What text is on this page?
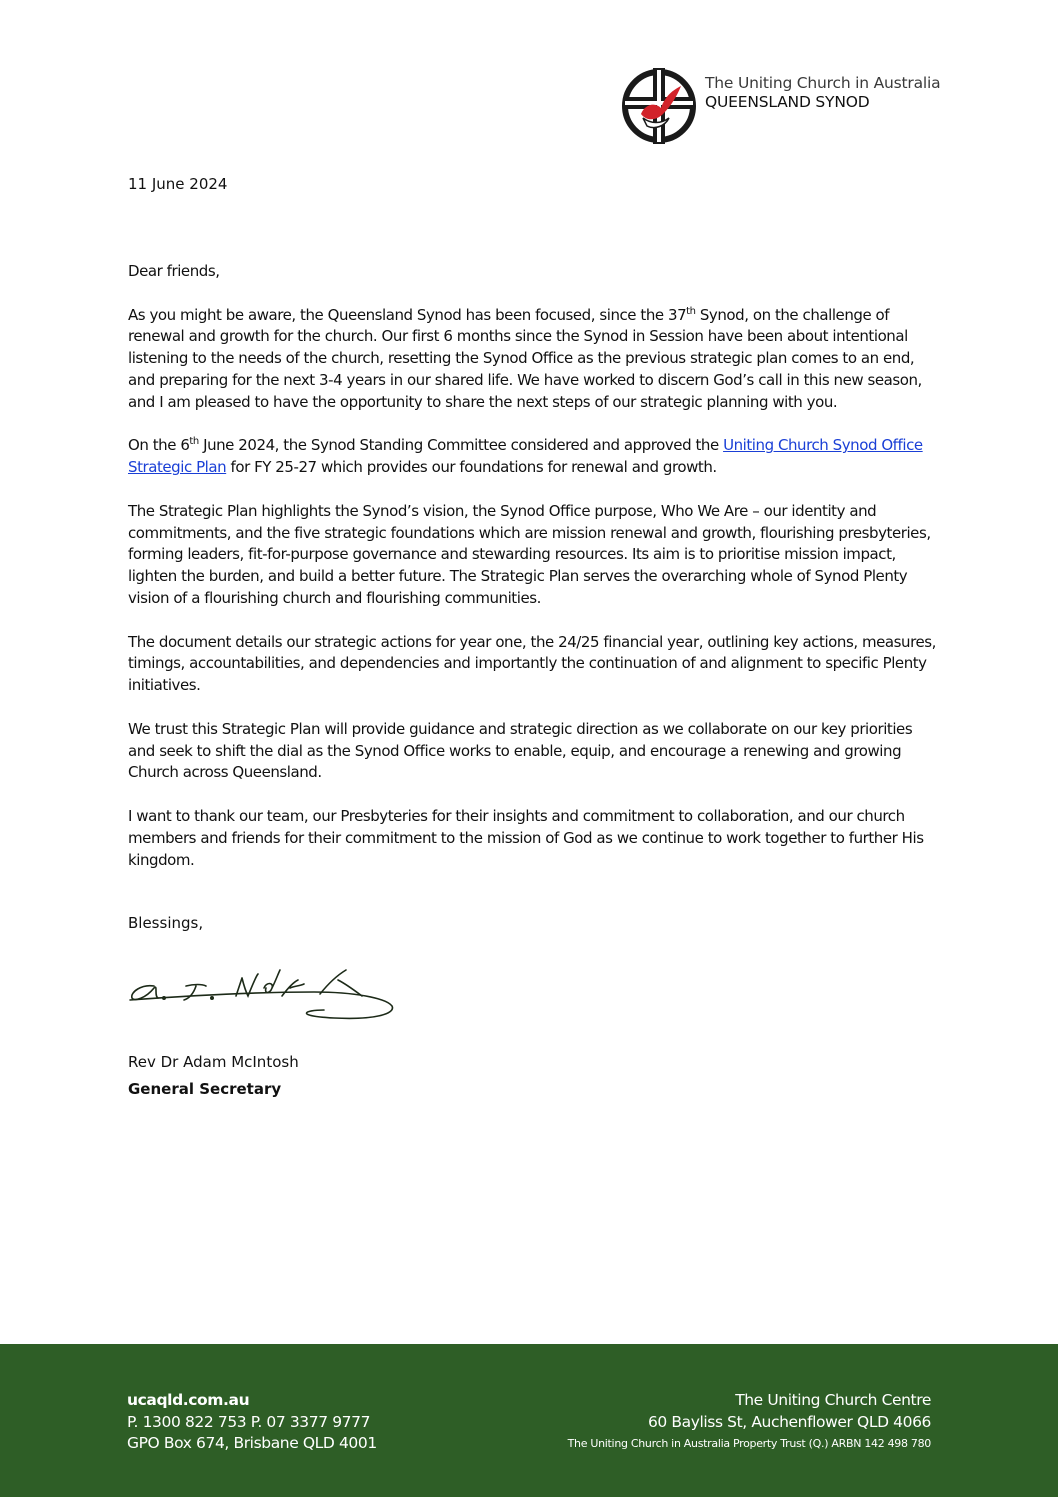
The Uniting Church in Australia
QUEENSLAND SYNOD
11 June 2024

Dear friends,

As you might be aware, the Queensland Synod has been focused, since the 37th Synod, on the challenge of renewal and growth for the church. Our first 6 months since the Synod in Session have been about intentional listening to the needs of the church, resetting the Synod Office as the previous strategic plan comes to an end, and preparing for the next 3-4 years in our shared life. We have worked to discern God’s call in this new season, and I am pleased to have the opportunity to share the next steps of our strategic planning with you.

On the 6th June 2024, the Synod Standing Committee considered and approved the Uniting Church Synod Office Strategic Plan for FY 25-27 which provides our foundations for renewal and growth.

The Strategic Plan highlights the Synod’s vision, the Synod Office purpose, Who We Are – our identity and commitments, and the five strategic foundations which are mission renewal and growth, flourishing presbyteries, forming leaders, fit-for-purpose governance and stewarding resources. Its aim is to prioritise mission impact, lighten the burden, and build a better future. The Strategic Plan serves the overarching whole of Synod Plenty vision of a flourishing church and flourishing communities.

The document details our strategic actions for year one, the 24/25 financial year, outlining key actions, measures, timings, accountabilities, and dependencies and importantly the continuation of and alignment to specific Plenty initiatives.

We trust this Strategic Plan will provide guidance and strategic direction as we collaborate on our key priorities and seek to shift the dial as the Synod Office works to enable, equip, and encourage a renewing and growing Church across Queensland.

I want to thank our team, our Presbyteries for their insights and commitment to collaboration, and our church members and friends for their commitment to the mission of God as we continue to work together to further His kingdom.

Blessings,
Rev Dr Adam McIntosh
General Secretary
ucaqld.com.au
P. 1300 822 753 P. 07 3377 9777
GPO Box 674, Brisbane QLD 4001
The Uniting Church Centre
60 Bayliss St, Auchenflower QLD 4066
The Uniting Church in Australia Property Trust (Q.) ARBN 142 498 780
